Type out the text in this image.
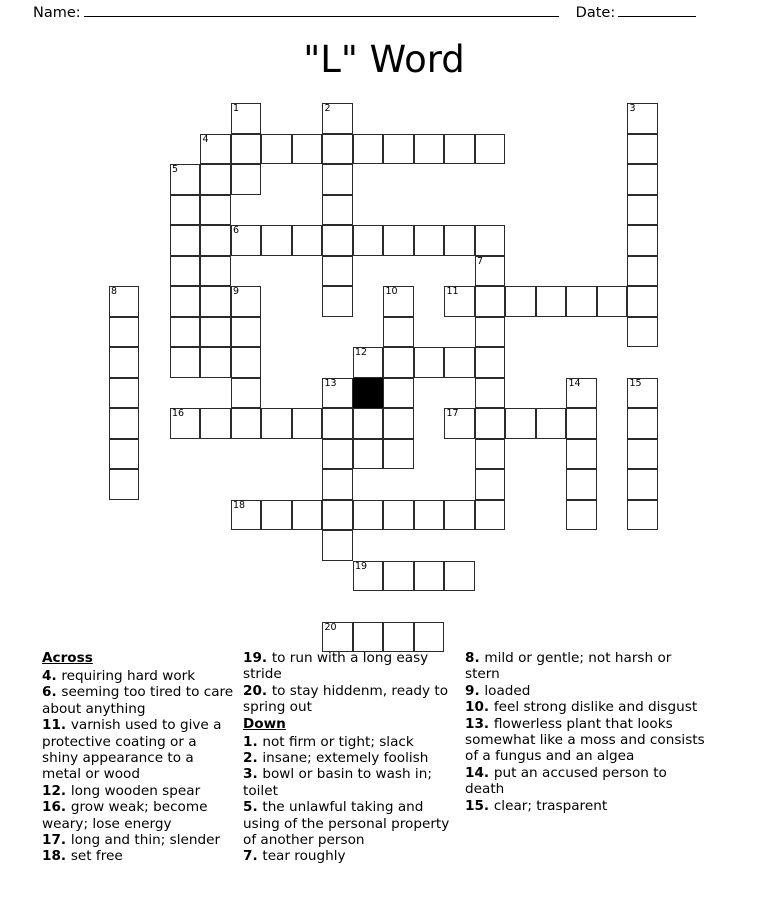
Name:	Date:
"L" Word
1	2	3
4
5
6
7
8	9	10	11
12
13	14	15
16	17
18
19
20
Across

4. requiring hard work

6. seeming too tired to care about anything

11. varnish used to give a protective coating or a shiny appearance to a metal or wood

12. long wooden spear

16. grow weak; become weary; lose energy

17. long and thin; slender

18. set free

19. to run with a long easy stride

20. to stay hiddenm, ready to spring out

Down

1. not firm or tight; slack

2. insane; extemely foolish

3. bowl or basin to wash in; toilet

5. the unlawful taking and using of the personal property of another person

7. tear roughly

8. mild or gentle; not harsh or stern

9. loaded

10. feel strong dislike and disgust

13. flowerless plant that looks somewhat like a moss and consists of a fungus and an algea

14. put an accused person to death

15. clear; trasparent
